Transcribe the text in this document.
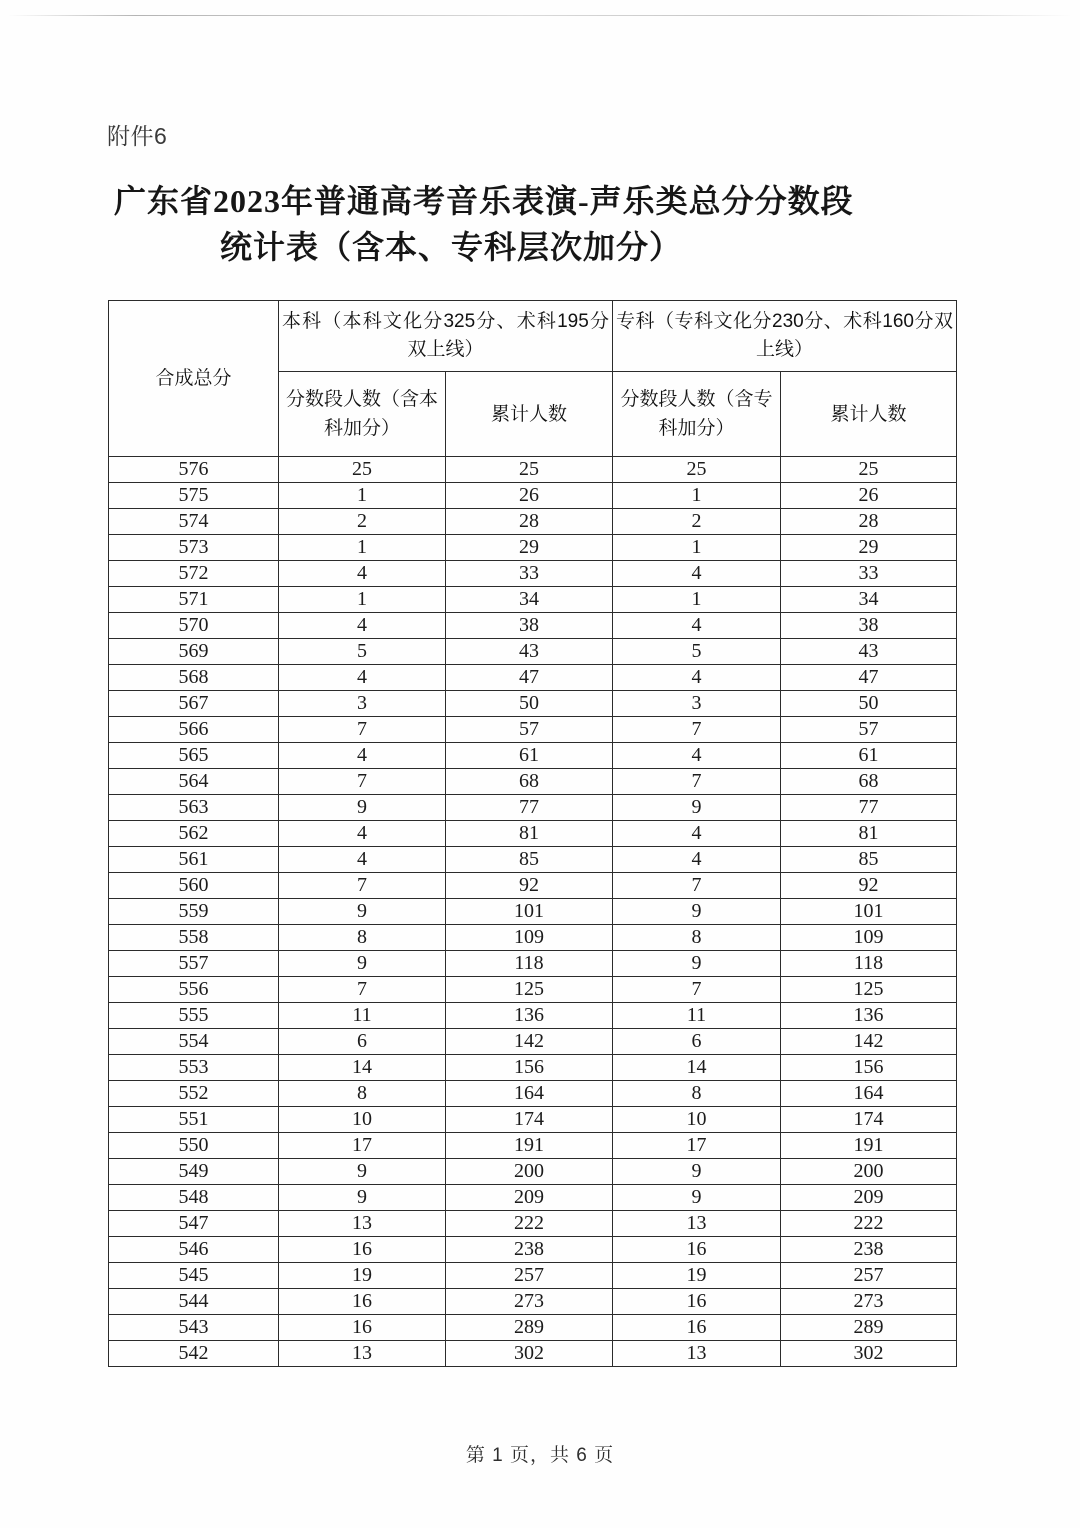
附件6
广东省2023年普通高考音乐表演-声乐类总分分数段
统计表（含本、专科层次加分）
合成总分	本科（本科文化分325分、术科195分双上线）		专科（专科文化分230分、术科160分双上线）	

	分数段人数（含本科加分）	累计人数	分数段人数（含专科加分）	累计人数

576	25	25	25	25
575	1	26	1	26
574	2	28	2	28
573	1	29	1	29
572	4	33	4	33
571	1	34	1	34
570	4	38	4	38
569	5	43	5	43
568	4	47	4	47
567	3	50	3	50
566	7	57	7	57
565	4	61	4	61
564	7	68	7	68
563	9	77	9	77
562	4	81	4	81
561	4	85	4	85
560	7	92	7	92
559	9	101	9	101
558	8	109	8	109
557	9	118	9	118
556	7	125	7	125
555	11	136	11	136
554	6	142	6	142
553	14	156	14	156
552	8	164	8	164
551	10	174	10	174
550	17	191	17	191
549	9	200	9	200
548	9	209	9	209
547	13	222	13	222
546	16	238	16	238
545	19	257	19	257
544	16	273	16	273
543	16	289	16	289
542	13	302	13	302
第 1 页，共 6 页
